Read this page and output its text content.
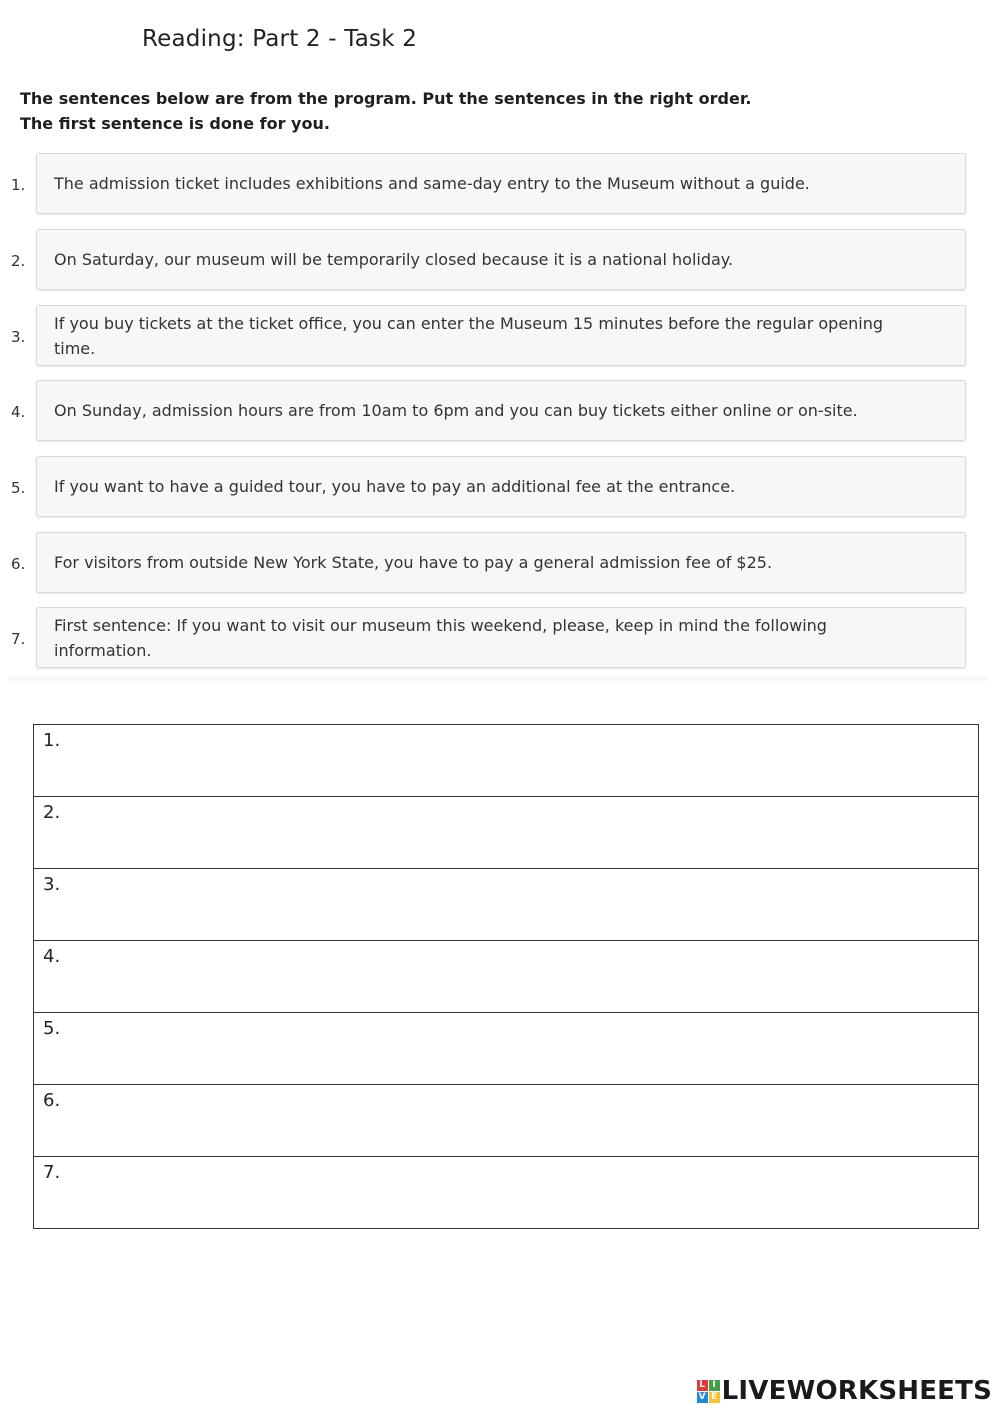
Reading: Part 2 - Task 2
The sentences below are from the program. Put the sentences in the right order.
The first sentence is done for you.
1.	The admission ticket includes exhibitions and same-day entry to the Museum without a guide.
2.	On Saturday, our museum will be temporarily closed because it is a national holiday.
3.
If you buy tickets at the ticket office, you can enter the Museum 15 minutes before the regular opening time.
4.	On Sunday, admission hours are from 10am to 6pm and you can buy tickets either online or on-site.
5.	If you want to have a guided tour, you have to pay an additional fee at the entrance.
6.	For visitors from outside New York State, you have to pay a general admission fee of $25.
7.
First sentence: If you want to visit our museum this weekend, please, keep in mind the following information.
1.
2.
3.
4.
5.
6.
7.
L I
V E LIVEWORKSHEETS
